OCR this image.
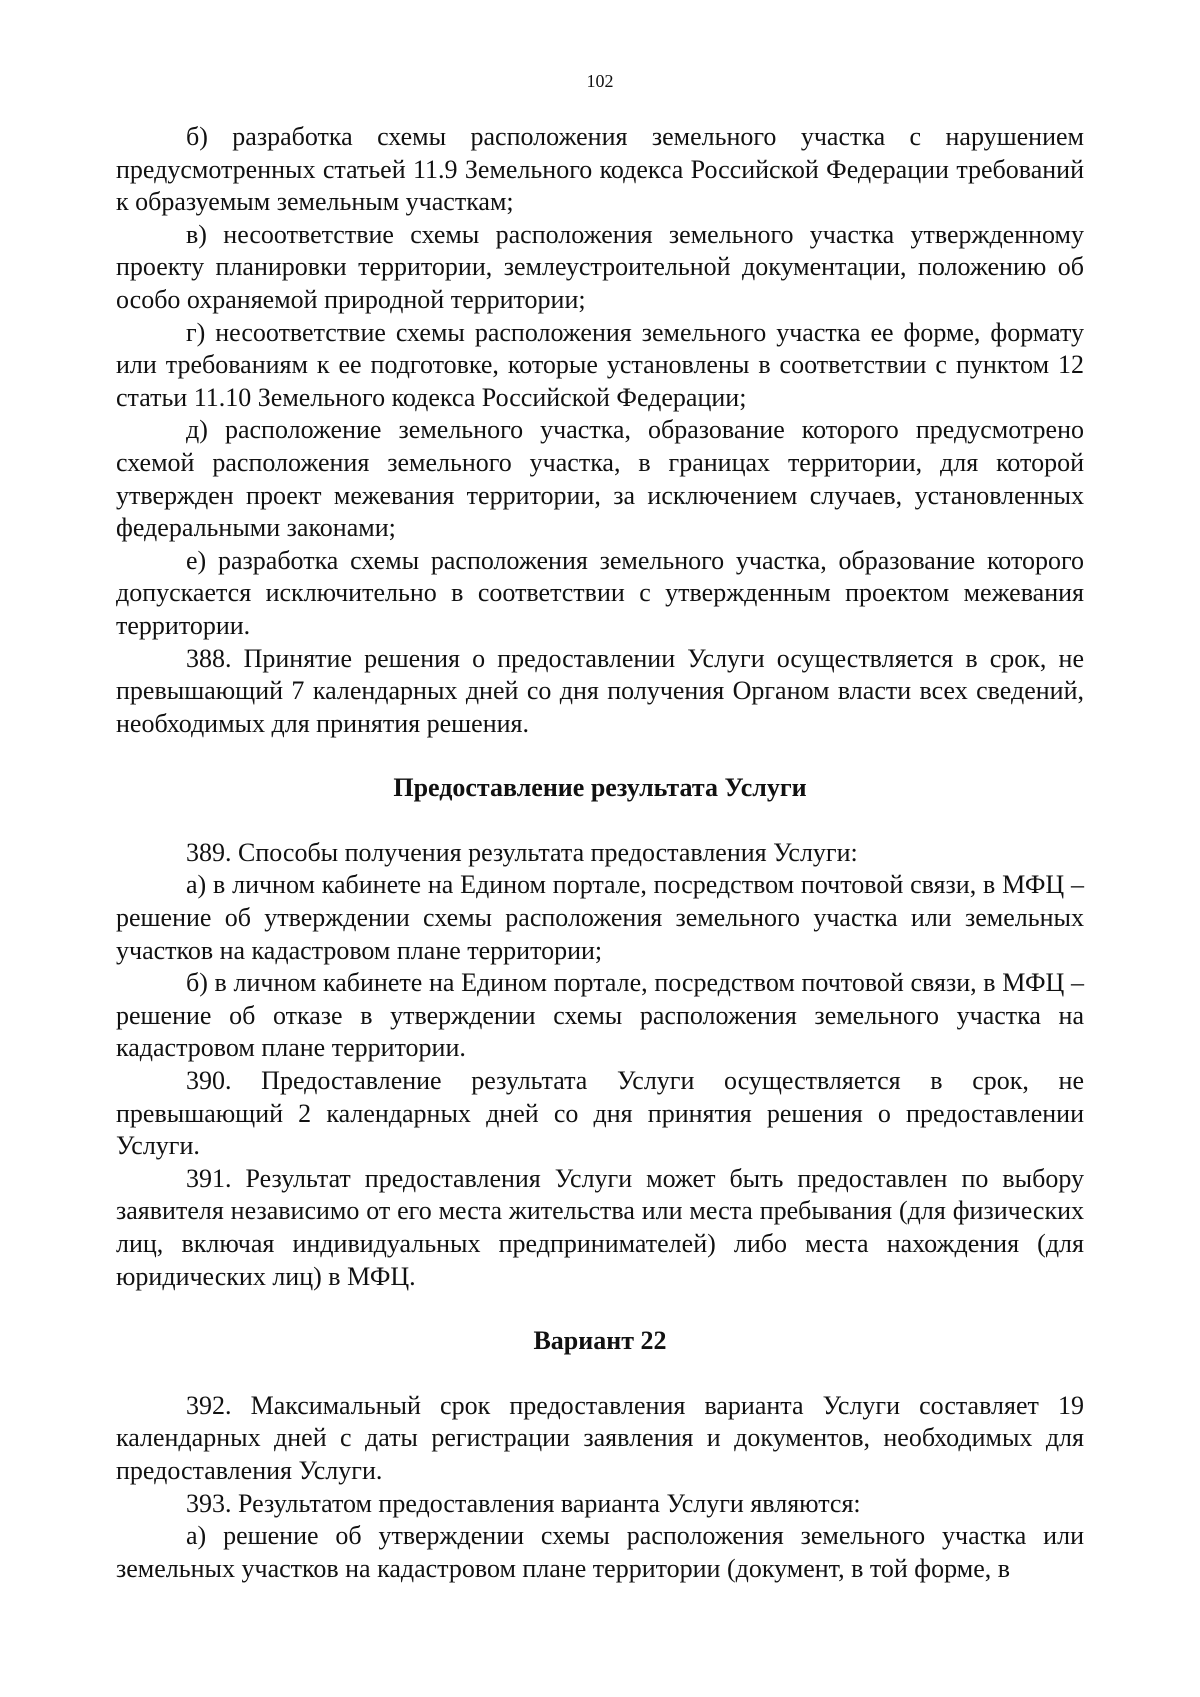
102

б) разработка схемы расположения земельного участка с нарушением предусмотренных статьей 11.9 Земельного кодекса Российской Федерации требований к образуемым земельным участкам;

в) несоответствие схемы расположения земельного участка утвержденному проекту планировки территории, землеустроительной документации, положению об особо охраняемой природной территории;

г) несоответствие схемы расположения земельного участка ее форме, формату или требованиям к ее подготовке, которые установлены в соответствии с пунктом 12 статьи 11.10 Земельного кодекса Российской Федерации;

д) расположение земельного участка, образование которого предусмотрено схемой расположения земельного участка, в границах территории, для которой утвержден проект межевания территории, за исключением случаев, установленных федеральными законами;

е) разработка схемы расположения земельного участка, образование которого допускается исключительно в соответствии с утвержденным проектом межевания территории.

388. Принятие решения о предоставлении Услуги осуществляется в срок, не превышающий 7 календарных дней со дня получения Органом власти всех сведений, необходимых для принятия решения.

Предоставление результата Услуги

389. Способы получения результата предоставления Услуги:

а) в личном кабинете на Едином портале, посредством почтовой связи, в МФЦ – решение об утверждении схемы расположения земельного участка или земельных участков на кадастровом плане территории;

б) в личном кабинете на Едином портале, посредством почтовой связи, в МФЦ – решение об отказе в утверждении схемы расположения земельного участка на кадастровом плане территории.

390. Предоставление результата Услуги осуществляется в срок, не превышающий 2 календарных дней со дня принятия решения о предоставлении Услуги.

391. Результат предоставления Услуги может быть предоставлен по выбору заявителя независимо от его места жительства или места пребывания (для физических лиц, включая индивидуальных предпринимателей) либо места нахождения (для юридических лиц) в МФЦ.

Вариант 22

392. Максимальный срок предоставления варианта Услуги составляет 19 календарных дней с даты регистрации заявления и документов, необходимых для предоставления Услуги.

393. Результатом предоставления варианта Услуги являются:

а) решение об утверждении схемы расположения земельного участка или земельных участков на кадастровом плане территории (документ, в той форме, в
